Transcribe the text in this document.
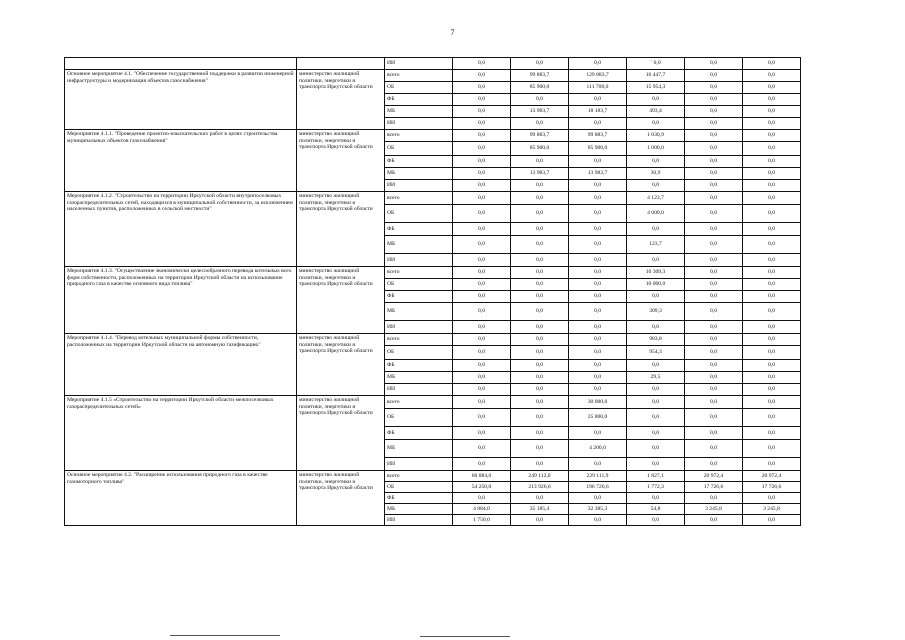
7
		ИИ	0,0	0,0	0,0	` 0,0	0,0	0,0
Основное мероприятие 4.1. "Обеспечение государственной поддержки в развитии инженерной инфраструктуры и модернизация объектов газоснабжения"	министерство жилищной политики, энергетики и транспорта Иркутской области	всего	0,0	99 883,7	129 883,7	16 447,7	0,0	0,0
		ОБ	0,0	85 900,0	111 700,0	15 954,3	0,0	0,0
		ФБ	0,0	0,0	0,0	0,0	0,0	0,0
		МБ	0,0	13 983,7	18 183,7	493,4	0,0	0,0
		ИИ	0,0	0,0	0,0	0,0	0,0	0,0
Мероприятие 4.1.1. "Проведение проектно-изыскательских работ в целях строительства муниципальных объектов газоснабжения"	министерство жилищной политики, энергетики и транспорта Иркутской области	всего	0,0	99 883,7	99 883,7	1 030,9	0,0	0,0
		ОБ	0,0	85 900,0	85 900,0	1 000,0	0,0	0,0
		ФБ	0,0	0,0	0,0	0,0	0,0	0,0
		МБ	0,0	13 983,7	13 983,7	30,9	0,0	0,0
		ИИ	0,0	0,0	0,0	0,0	0,0	0,0
Мероприятие 4.1.2. "Строительство на территории Иркутской области внутрипоселковых газораспределительных сетей, находящихся в муниципальной собственности, за исключением населенных пунктов, расположенных в сельской местности"	министерство жилищной политики, энергетики и транспорта Иркутской области	всего	0,0	0,0	0,0	4 123,7	0,0	0,0
		ОБ	0,0	0,0	0,0	4 000,0	0,0	0,0
		ФБ	0,0	0,0	0,0	0,0	0,0	0,0
		МБ	0,0	0,0	0,0	123,7	0,0	0,0
		ИИ	0,0	0,0	0,0	0,0	0,0	0,0
Мероприятие 4.1.3. "Осуществление экономически целесообразного перевода котельных всех форм собственности, расположенных на территории Иркутской области на использование природного газа в качестве основного вида топлива"	министерство жилищной политики, энергетики и транспорта Иркутской области	всего	0,0	0,0	0,0	10 309,3	0,0	0,0
		ОБ	0,0	0,0	0,0	10 000,0	0,0	0,0
		ФБ	0,0	0,0	0,0	0,0	0,0	0,0
		МБ	0,0	0,0	0,0	309,3	0,0	0,0
		ИИ	0,0	0,0	0,0	0,0	0,0	0,0
Мероприятие 4.1.4. "Перевод котельных муниципальной формы собственности, расположенных на территории Иркутской области на автономную газификацию"	министерство жилищной политики, энергетики и транспорта Иркутской области	всего	0,0	0,0	0,0	983,8	0,0	0,0
		ОБ	0,0	0,0	0,0	954,3	0,0	0,0
		ФБ	0,0	0,0	0,0	0,0	0,0	0,0
		МБ	0,0	0,0	0,0	29,5	0,0	0,0
		ИИ	0,0	0,0	0,0	0,0	0,0	0,0
Мероприятие 4.1.5 «Строительство на территории Иркутской области межпоселковых газораспределительных сетей»	министерство жилищной политики, энергетики и транспорта Иркутской области	всего	0,0	0,0	30 000,0	0,0	0,0	0,0
		ОБ	0,0	0,0	25 800,0	0,0	0,0	0,0
		ФБ	0,0	0,0	0,0	0,0	0,0	0,0
		МБ	0,0	0,0	4 200,0	0,0	0,0	0,0
		ИИ	0,0	0,0	0,0	0,0	0,0	0,0
Основное мероприятие 4.2. "Расширение использования природного газа в качестве газомоторного топлива"	министерство жилищной политики, энергетики и транспорта Иркутской области	всего	60 884,0	249 112,0	229 111,9	1 827,1	20 972,4	20 972,4
		ОБ	54 250,0	213 926,6	196 726,6	1 772,3	17 726,6	17 726,6
		ФБ	0,0	0,0	0,0	0,0	0,0	0,0
		МБ	4 884,0	35 185,4	32 385,3	54,8	3 245,8	3 245,8
		ИИ	1 750,0	0,0	0,0	0,0	0,0	0,0
